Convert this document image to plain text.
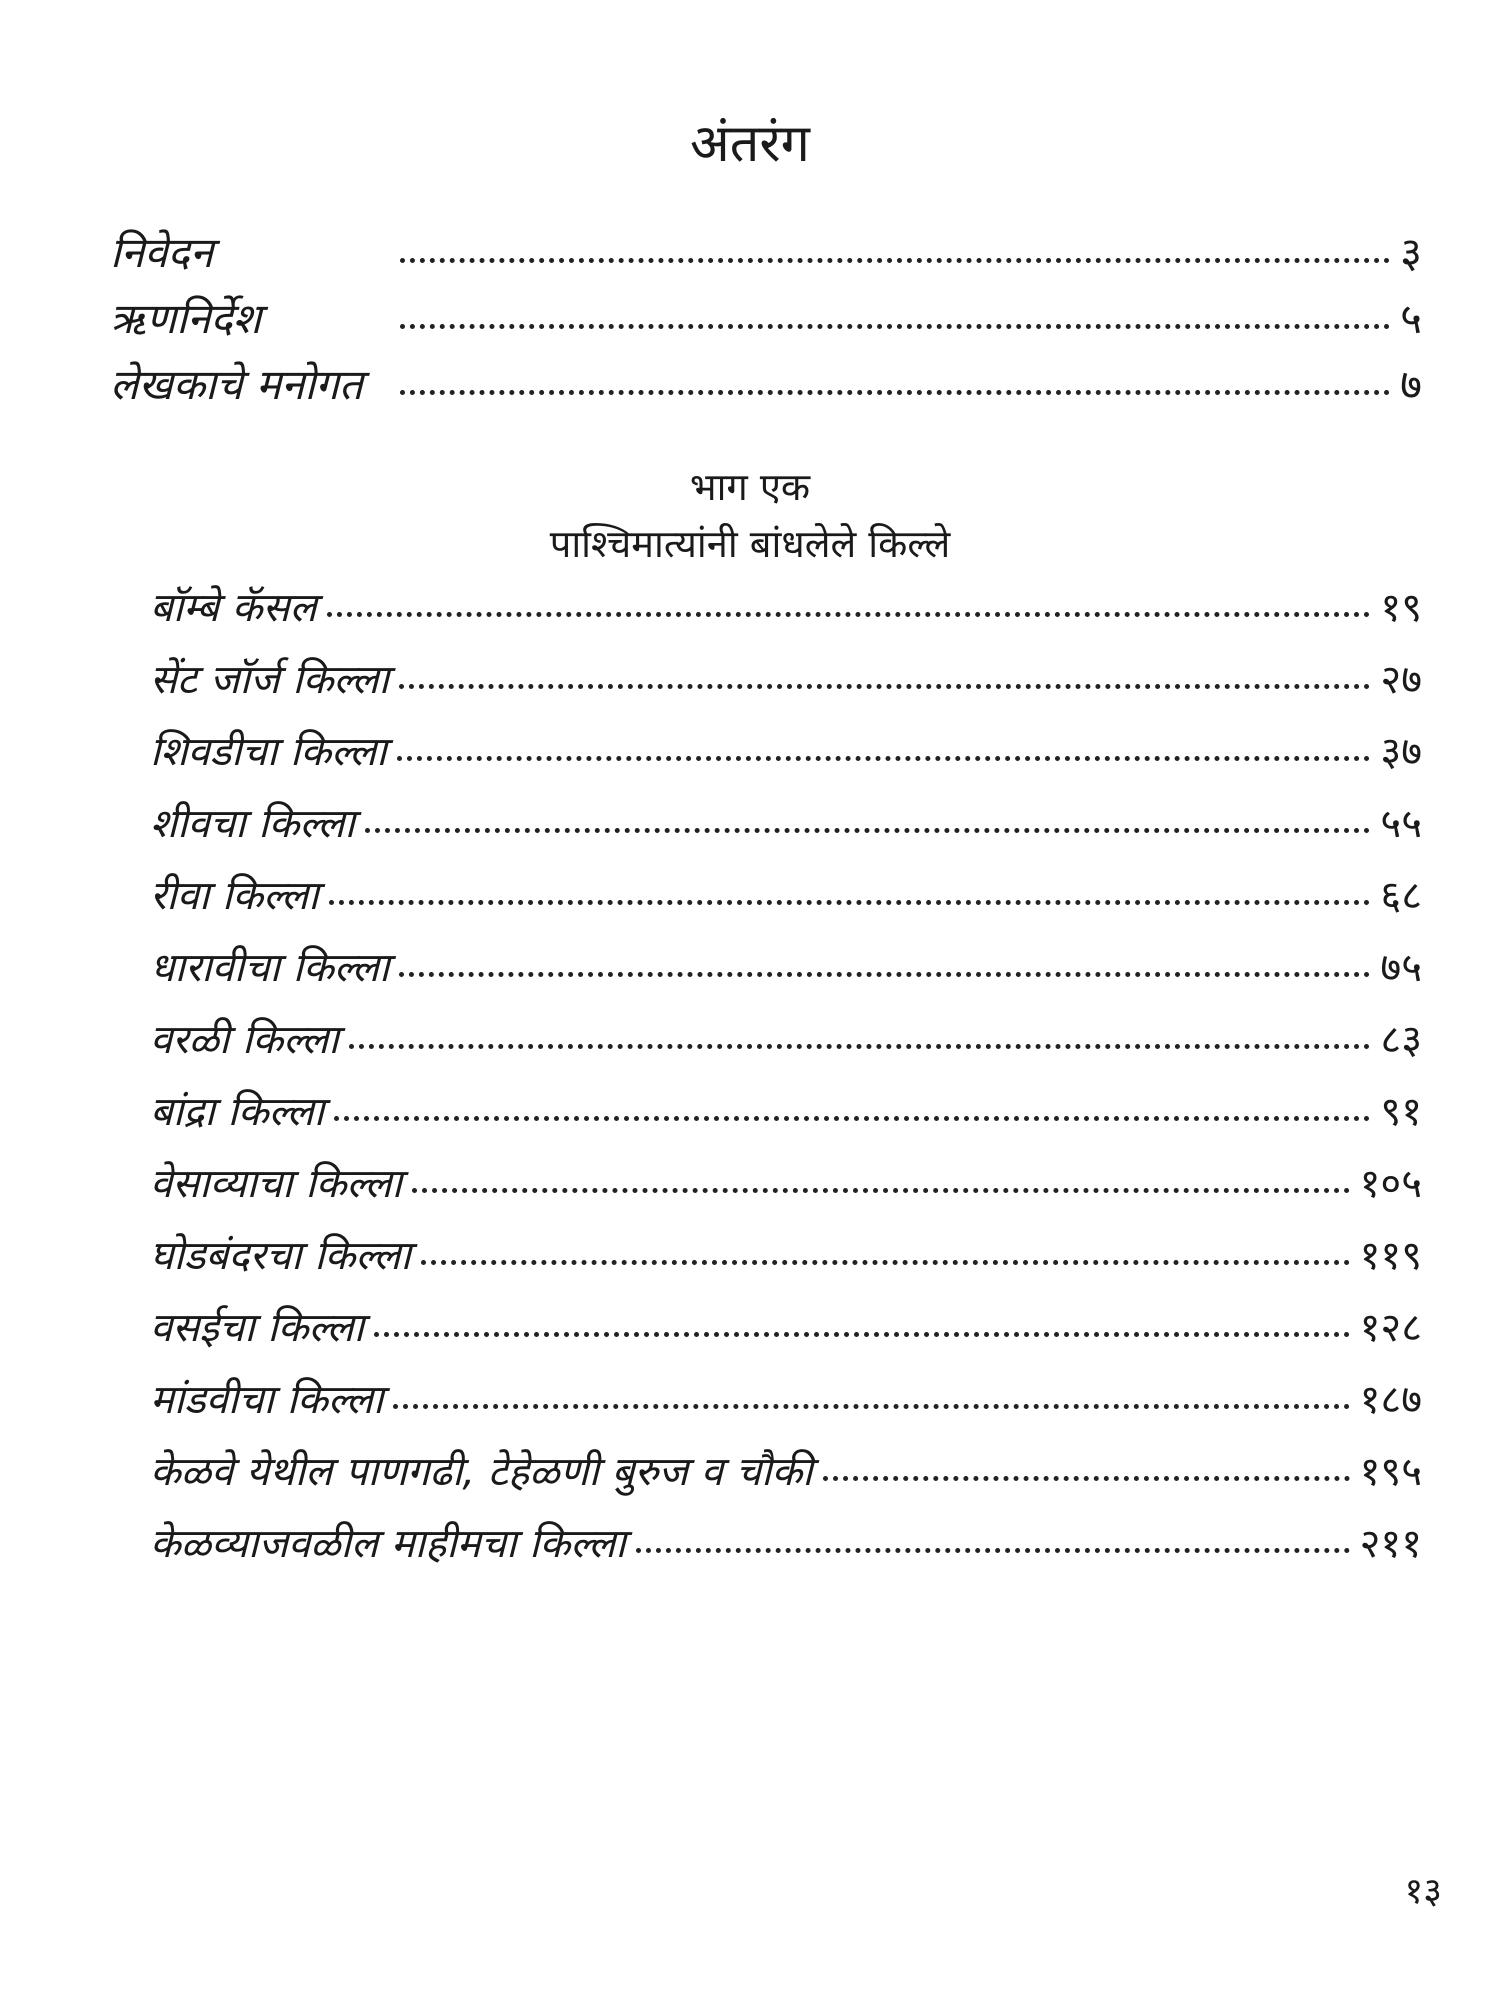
अंतरंग
निवेदन	३
ऋणनिर्देश	५
लेखकाचे मनोगत	७
भाग एक
पाश्चिमात्यांनी बांधलेले किल्ले
बॉम्बे कॅसल	१९
सेंट जॉर्ज किल्ला	२७
शिवडीचा किल्ला	३७
शीवचा किल्ला	५५
रीवा किल्ला	६८
धारावीचा किल्ला	७५
वरळी किल्ला	८३
बांद्रा किल्ला	९१
वेसाव्याचा किल्ला	१०५
घोडबंदरचा किल्ला	११९
वसईचा किल्ला	१२८
मांडवीचा किल्ला	१८७
केळवे येथील पाणगढी, टेहेळणी बुरुज व चौकी	१९५
केळव्याजवळील माहीमचा किल्ला	२११
१३
